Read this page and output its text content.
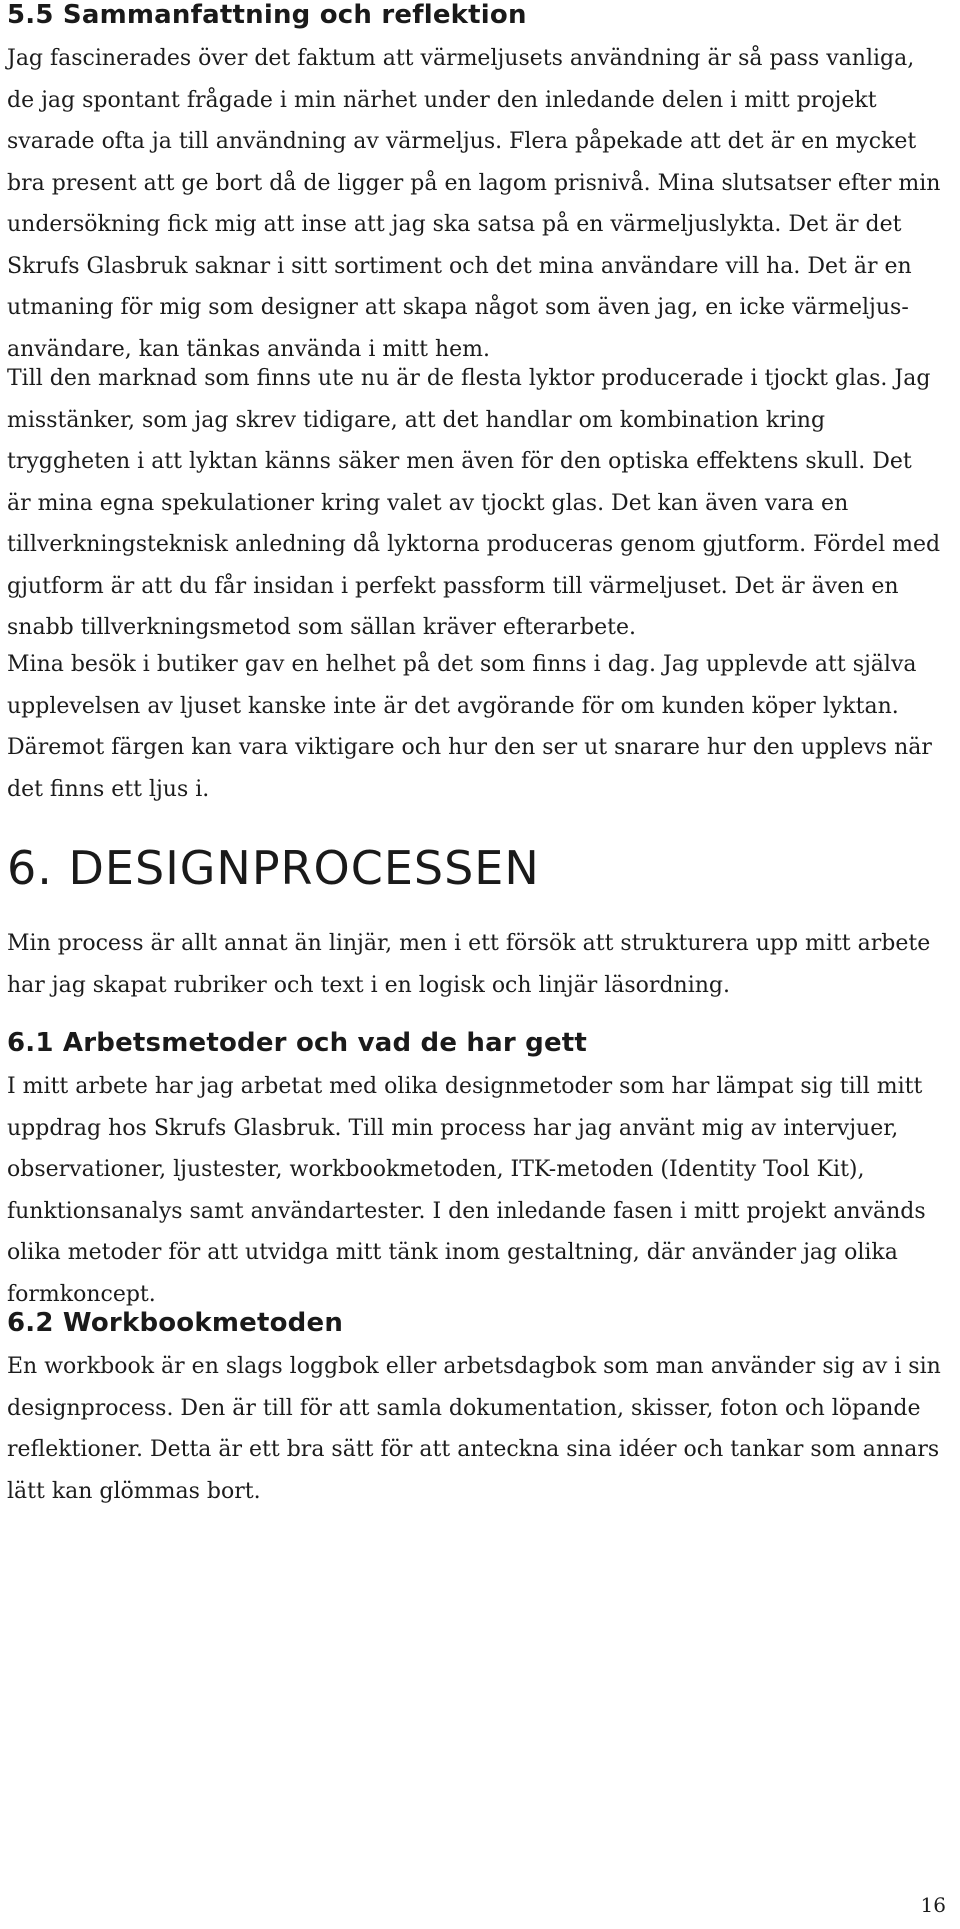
5.5 Sammanfattning och reflektion

Jag fascinerades över det faktum att värmeljusets användning är så pass vanliga, de jag spontant frågade i min närhet under den inledande delen i mitt projekt svarade ofta ja till användning av värmeljus. Flera påpekade att det är en mycket bra present att ge bort då de ligger på en lagom prisnivå. Mina slutsatser efter min undersökning fick mig att inse att jag ska satsa på en värmeljuslykta. Det är det Skrufs Glasbruk saknar i sitt sortiment och det mina användare vill ha. Det är en utmaning för mig som designer att skapa något som även jag, en icke värmeljus-användare, kan tänkas använda i mitt hem.

Till den marknad som finns ute nu är de flesta lyktor producerade i tjockt glas. Jag misstänker, som jag skrev tidigare, att det handlar om kombination kring tryggheten i att lyktan känns säker men även för den optiska effektens skull. Det är mina egna spekulationer kring valet av tjockt glas. Det kan även vara en tillverkningsteknisk anledning då lyktorna produceras genom gjutform. Fördel med gjutform är att du får insidan i perfekt passform till värmeljuset. Det är även en snabb tillverkningsmetod som sällan kräver efterarbete.

Mina besök i butiker gav en helhet på det som finns i dag. Jag upplevde att själva upplevelsen av ljuset kanske inte är det avgörande för om kunden köper lyktan. Däremot färgen kan vara viktigare och hur den ser ut snarare hur den upplevs när det finns ett ljus i.

6. DESIGNPROCESSEN

Min process är allt annat än linjär, men i ett försök att strukturera upp mitt arbete har jag skapat rubriker och text i en logisk och linjär läsordning.

6.1 Arbetsmetoder och vad de har gett

I mitt arbete har jag arbetat med olika designmetoder som har lämpat sig till mitt uppdrag hos Skrufs Glasbruk. Till min process har jag använt mig av intervjuer, observationer, ljustester, workbookmetoden, ITK-metoden (Identity Tool Kit), funktionsanalys samt användartester. I den inledande fasen i mitt projekt används olika metoder för att utvidga mitt tänk inom gestaltning, där använder jag olika formkoncept.

6.2 Workbookmetoden

En workbook är en slags loggbok eller arbetsdagbok som man använder sig av i sin designprocess. Den är till för att samla dokumentation, skisser, foton och löpande reflektioner. Detta är ett bra sätt för att anteckna sina idéer och tankar som annars lätt kan glömmas bort.

16
